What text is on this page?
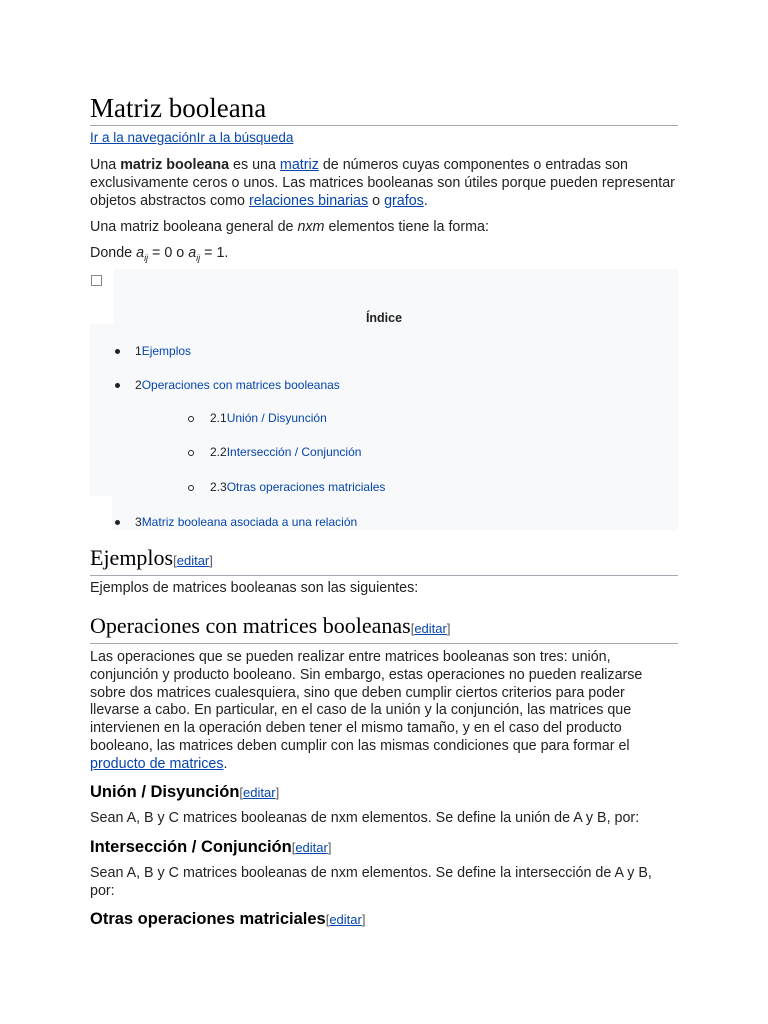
Matriz booleana
Ir a la navegaciónIr a la búsqueda

Una matriz booleana es una matriz de números cuyas componentes o entradas son exclusivamente ceros o unos. Las matrices booleanas son útiles porque pueden representar objetos abstractos como relaciones binarias o grafos.

Una matriz booleana general de nxm elementos tiene la forma:

Donde $a_{ij} = 0$ o $a_{ij} = 1$.

Índice
1Ejemplos
2Operaciones con matrices booleanas
2.1Unión / Disyunción
2.2Intersección / Conjunción
2.3Otras operaciones matriciales
3Matriz booleana asociada a una relación
Ejemplos[editar]

Ejemplos de matrices booleanas son las siguientes:

Operaciones con matrices booleanas[editar]

Las operaciones que se pueden realizar entre matrices booleanas son tres: unión, conjunción y producto booleano. Sin embargo, estas operaciones no pueden realizarse sobre dos matrices cualesquiera, sino que deben cumplir ciertos criterios para poder llevarse a cabo. En particular, en el caso de la unión y la conjunción, las matrices que intervienen en la operación deben tener el mismo tamaño, y en el caso del producto booleano, las matrices deben cumplir con las mismas condiciones que para formar el producto de matrices.

Unión / Disyunción[editar]

Sean A, B y C matrices booleanas de nxm elementos. Se define la unión de A y B, por:

Intersección / Conjunción[editar]

Sean A, B y C matrices booleanas de nxm elementos. Se define la intersección de A y B, por:

Otras operaciones matriciales[editar]
